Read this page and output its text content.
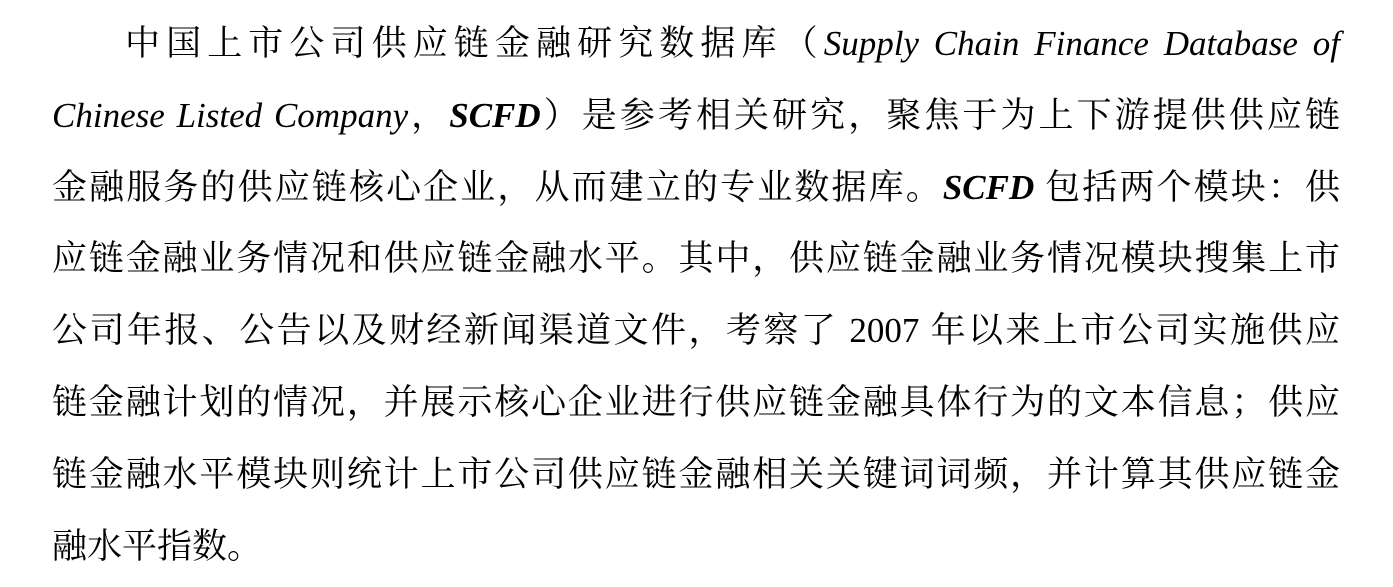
中国上市公司供应链金融研究数据库（Supply Chain Finance Database of
Chinese Listed Company，SCFD）是参考相关研究，聚焦于为上下游提供供应链
金融服务的供应链核心企业，从而建立的专业数据库。SCFD 包括两个模块：供
应链金融业务情况和供应链金融水平。其中，供应链金融业务情况模块搜集上市
公司年报、公告以及财经新闻渠道文件，考察了 2007 年以来上市公司实施供应
链金融计划的情况，并展示核心企业进行供应链金融具体行为的文本信息；供应
链金融水平模块则统计上市公司供应链金融相关关键词词频，并计算其供应链金
融水平指数。
